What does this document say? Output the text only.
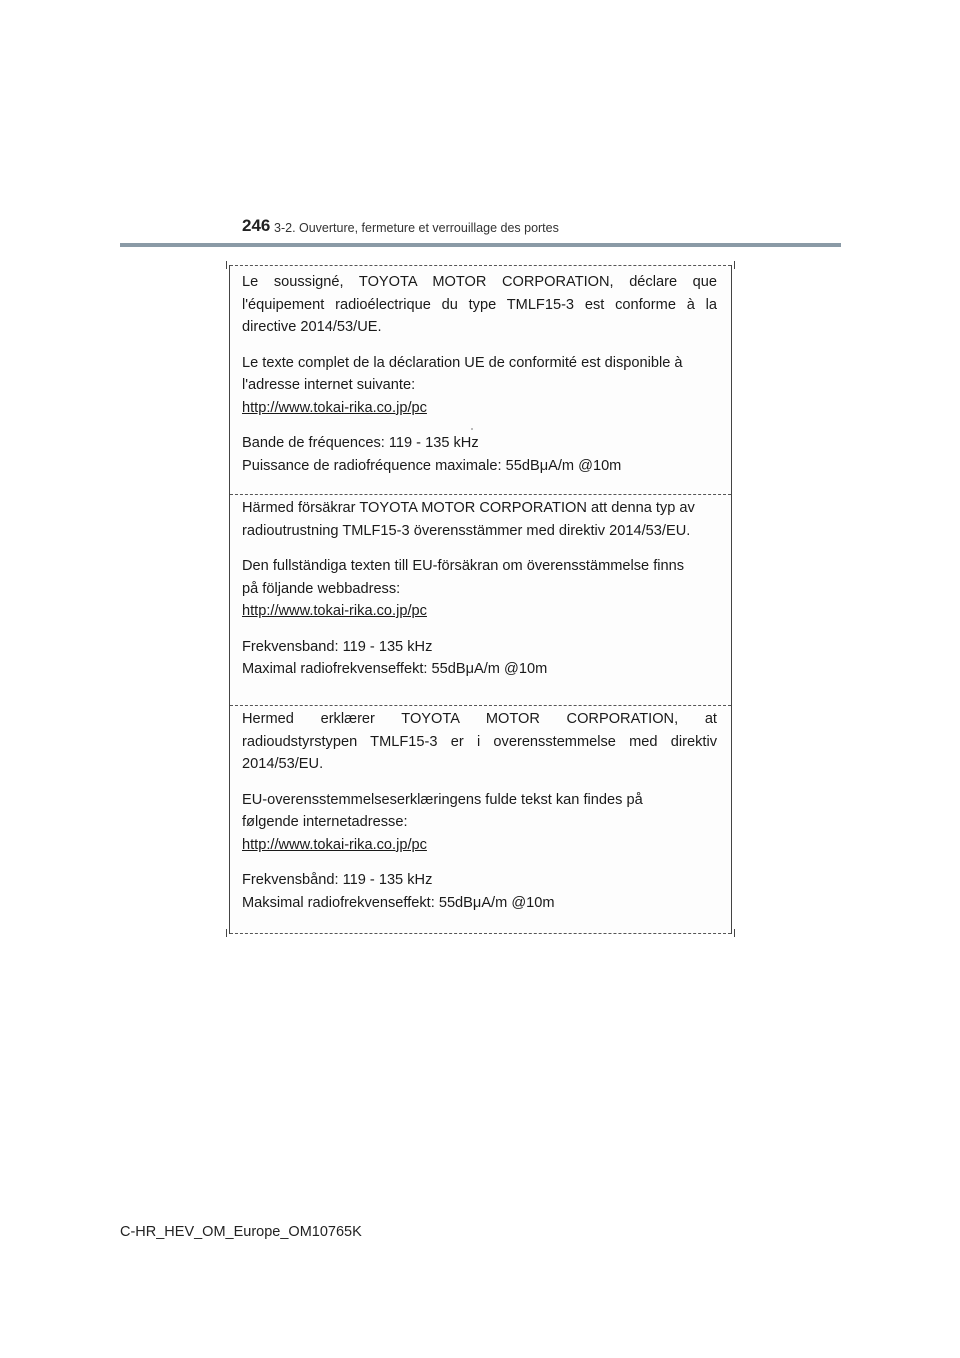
246 3-2. Ouverture, fermeture et verrouillage des portes

Le soussigné, TOYOTA MOTOR CORPORATION, déclare que

l'équipement radioélectrique du type TMLF15-3 est conforme à la

directive 2014/53/UE.

Le texte complet de la déclaration UE de conformité est disponible à

l'adresse internet suivante:

http://www.tokai-rika.co.jp/pc

Bande de fréquences: 119 - 135 kHz

Puissance de radiofréquence maximale: 55dBμA/m @10m

Härmed försäkrar TOYOTA MOTOR CORPORATION att denna typ av

radioutrustning TMLF15-3 överensstämmer med direktiv 2014/53/EU.

Den fullständiga texten till EU-försäkran om överensstämmelse finns

på följande webbadress:

http://www.tokai-rika.co.jp/pc

Frekvensband: 119 - 135 kHz

Maximal radiofrekvenseffekt: 55dBμA/m @10m

Hermed erklærer TOYOTA MOTOR CORPORATION, at

radioudstyrstypen TMLF15-3 er i overensstemmelse med direktiv

2014/53/EU.

EU-overensstemmelseserklæringens fulde tekst kan findes på

følgende internetadresse:

http://www.tokai-rika.co.jp/pc

Frekvensbånd: 119 - 135 kHz

Maksimal radiofrekvenseffekt: 55dBμA/m @10m

C-HR_HEV_OM_Europe_OM10765K
